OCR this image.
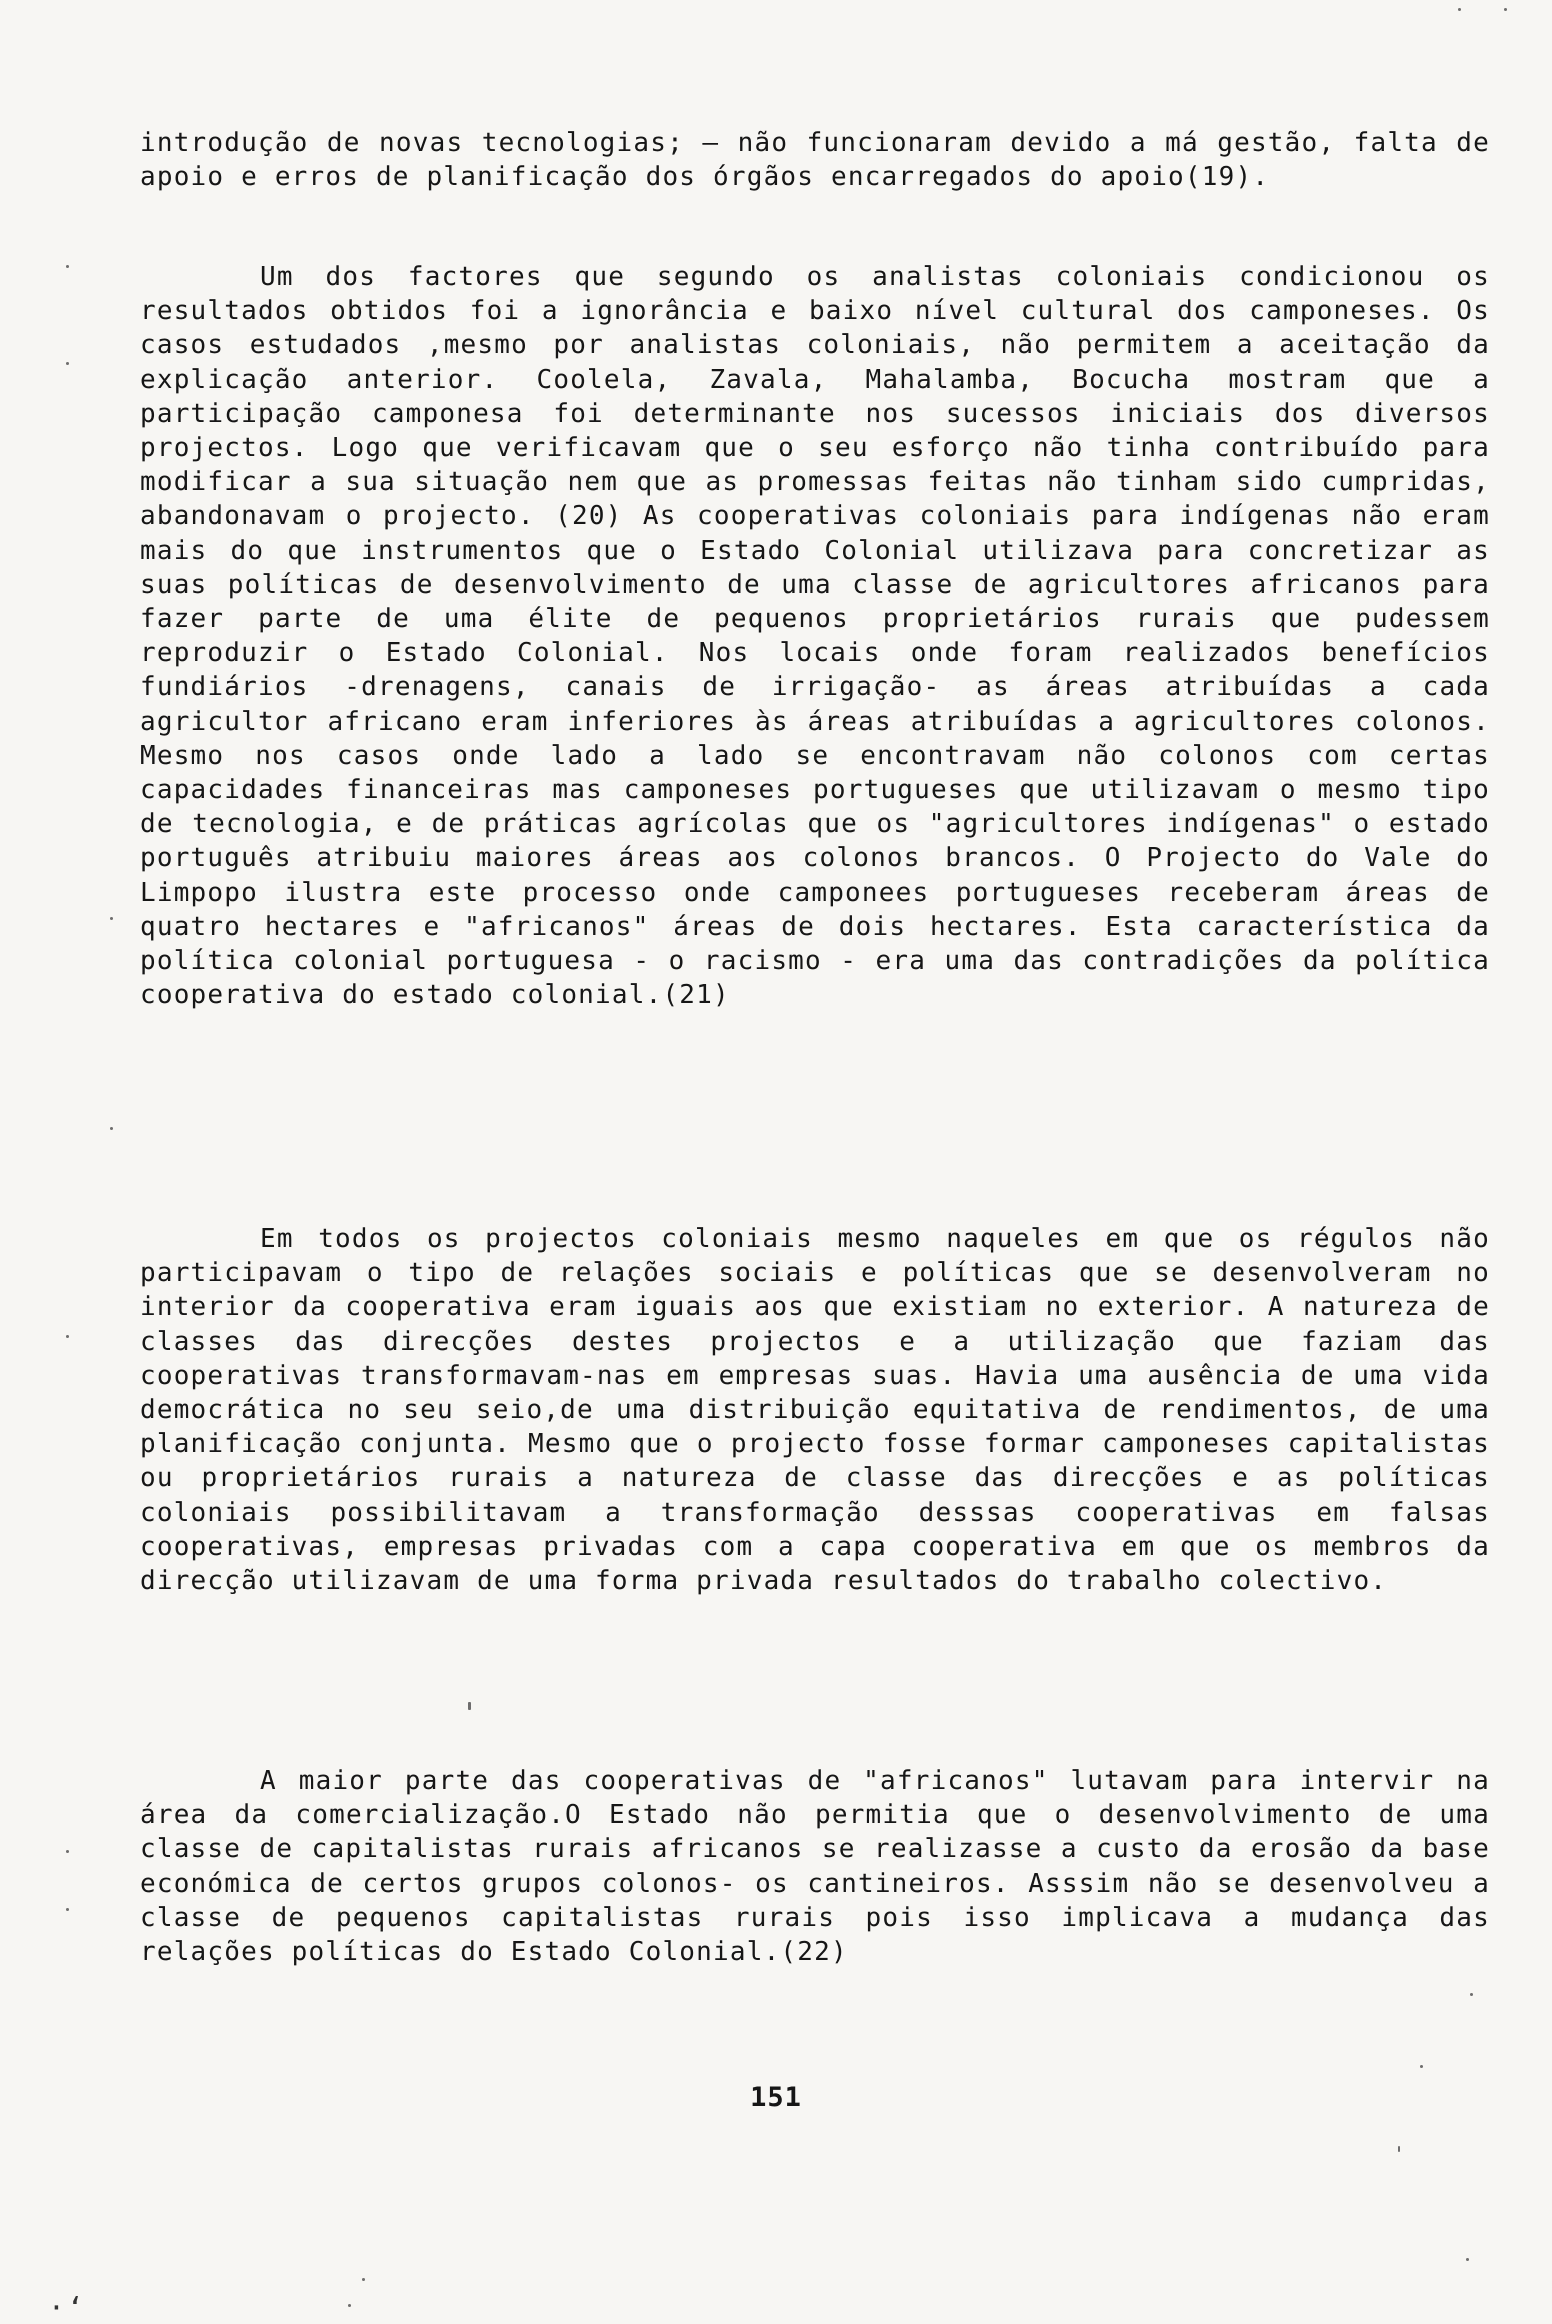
introdução de novas tecnologias; — não funcionaram devido a má gestão, falta de apoio e erros de planificação dos órgãos encarregados do apoio(19).

Um dos factores que segundo os analistas coloniais condicionou os resultados obtidos foi a ignorância e baixo nível cultural dos camponeses. Os casos estudados ,mesmo por analistas coloniais, não permitem a aceitação da explicação anterior. Coolela, Zavala, Mahalamba, Bocucha mostram que a participação camponesa foi determinante nos sucessos iniciais dos diversos projectos. Logo que verificavam que o seu esforço não tinha contribuído para modificar a sua situação nem que as promessas feitas não tinham sido cumpridas, abandonavam o projecto. (20) As cooperativas coloniais para indígenas não eram mais do que instrumentos que o Estado Colonial utilizava para concretizar as suas políticas de desenvolvimento de uma classe de agricultores africanos para fazer parte de uma élite de pequenos proprietários rurais que pudessem reproduzir o Estado Colonial. Nos locais onde foram realizados benefícios fundiários -drenagens, canais de irrigação- as áreas atribuídas a cada agricultor africano eram inferiores às áreas atribuídas a agricultores colonos. Mesmo nos casos onde lado a lado se encontravam não colonos com certas capacidades financeiras mas camponeses portugueses que utilizavam o mesmo tipo de tecnologia, e de práticas agrícolas que os "agricultores indígenas" o estado português atribuiu maiores áreas aos colonos brancos. O Projecto do Vale do Limpopo ilustra este processo onde camponees portugueses receberam áreas de quatro hectares e "africanos" áreas de dois hectares. Esta característica da política colonial portuguesa - o racismo - era uma das contradições da política cooperativa do estado colonial.(21)

Em todos os projectos coloniais mesmo naqueles em que os régulos não participavam o tipo de relações sociais e políticas que se desenvolveram no interior da cooperativa eram iguais aos que existiam no exterior. A natureza de classes das direcções destes projectos e a utilização que faziam das cooperativas transformavam-nas em empresas suas. Havia uma ausência de uma vida democrática no seu seio,de uma distribuição equitativa de rendimentos, de uma planificação conjunta. Mesmo que o projecto fosse formar camponeses capitalistas ou proprietários rurais a natureza de classe das direcções e as políticas coloniais possibilitavam a transformação desssas cooperativas em falsas cooperativas, empresas privadas com a capa cooperativa em que os membros da direcção utilizavam de uma forma privada resultados do trabalho colectivo.

A maior parte das cooperativas de "africanos" lutavam para intervir na área da comercialização.O Estado não permitia que o desenvolvimento de uma classe de capitalistas rurais africanos se realizasse a custo da erosão da base económica de certos grupos colonos- os cantineiros. Asssim não se desenvolveu a classe de pequenos capitalistas rurais pois isso implicava a mudança das relações políticas do Estado Colonial.(22)

151
·‘
